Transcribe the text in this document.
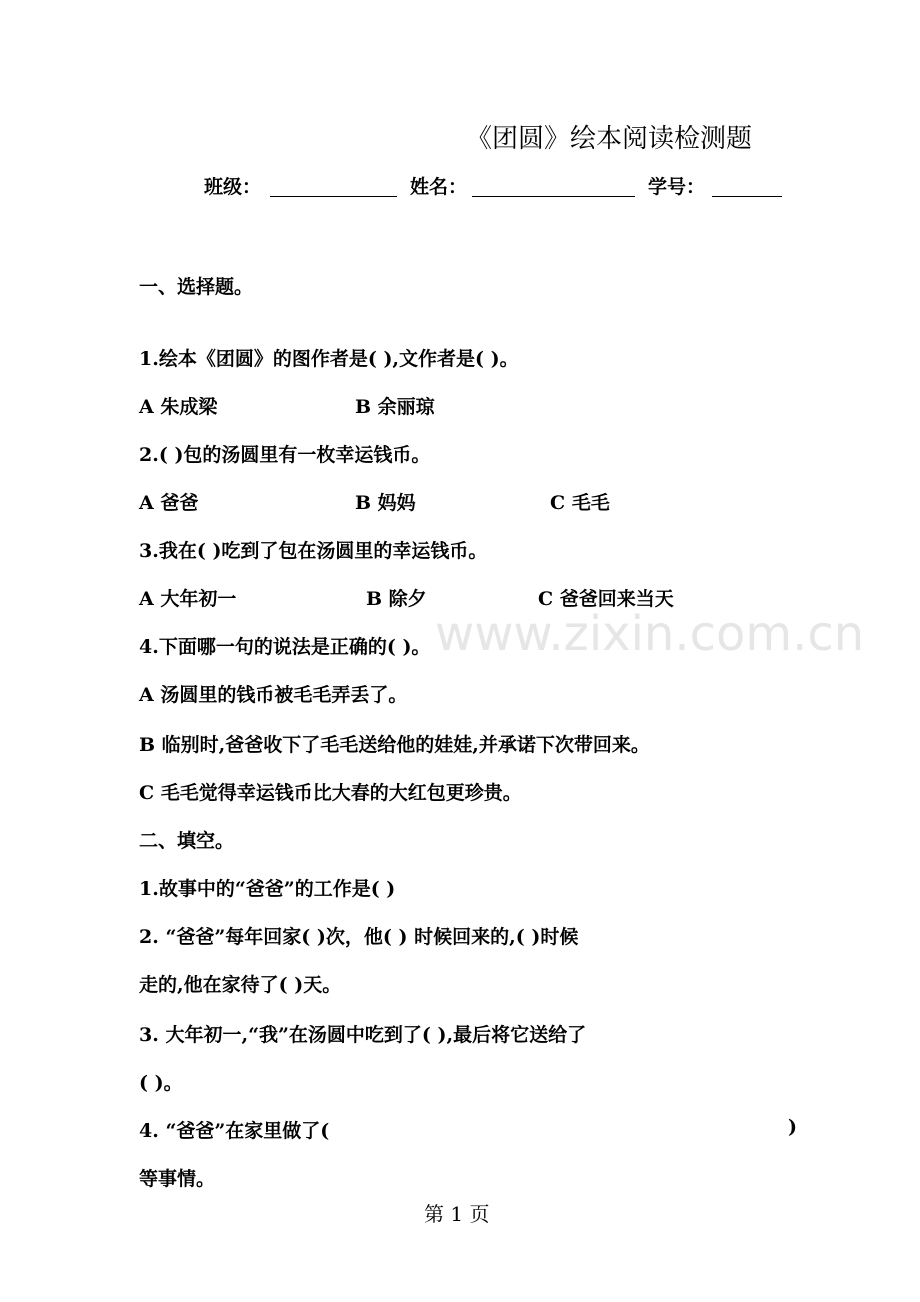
《团圆》绘本阅读检测题
班级：	姓名：	学号：
一、选择题。
1.绘本《团圆》的图作者是( ),文作者是( )。
A 朱成梁	B 余丽琼
2.( )包的汤圆里有一枚幸运钱币。
A 爸爸	B 妈妈	C 毛毛
3.我在( )吃到了包在汤圆里的幸运钱币。
A 大年初一	B 除夕	C 爸爸回来当天
www.zixin.com.cn
4.下面哪一句的说法是正确的( )。
A 汤圆里的钱币被毛毛弄丢了。
B 临别时,爸爸收下了毛毛送给他的娃娃,并承诺下次带回来。
C 毛毛觉得幸运钱币比大春的大红包更珍贵。
二、填空。
1.故事中的“爸爸”的工作是( )
2. “爸爸”每年回家( )次，他( ) 时候回来的,( )时候
走的,他在家待了( )天。
3. 大年初一,“我”在汤圆中吃到了( ),最后将它送给了
( )。
4. “爸爸”在家里做了(	)
等事情。
第 1 页
